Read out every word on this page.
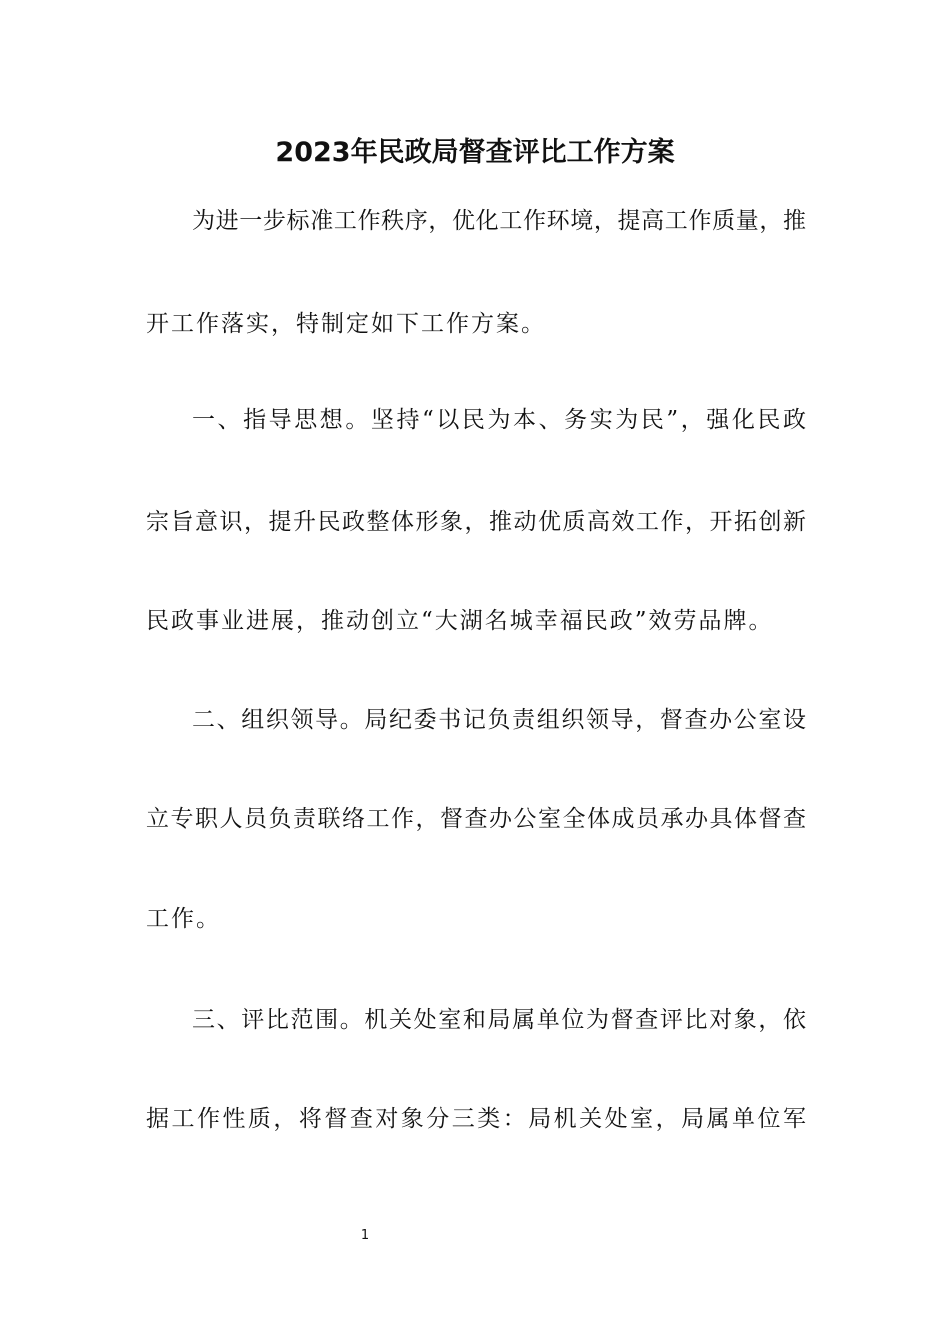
2023年民政局督查评比工作方案

为进一步标准工作秩序，优化工作环境，提高工作质量，推

开工作落实，特制定如下工作方案。

一、指导思想。坚持“以民为本、务实为民”，强化民政

宗旨意识，提升民政整体形象，推动优质高效工作，开拓创新

民政事业进展，推动创立“大湖名城幸福民政”效劳品牌。

二、组织领导。局纪委书记负责组织领导，督查办公室设

立专职人员负责联络工作，督查办公室全体成员承办具体督查

工作。

三、评比范围。机关处室和局属单位为督查评比对象，依

据工作性质，将督查对象分三类：局机关处室，局属单位军

1
